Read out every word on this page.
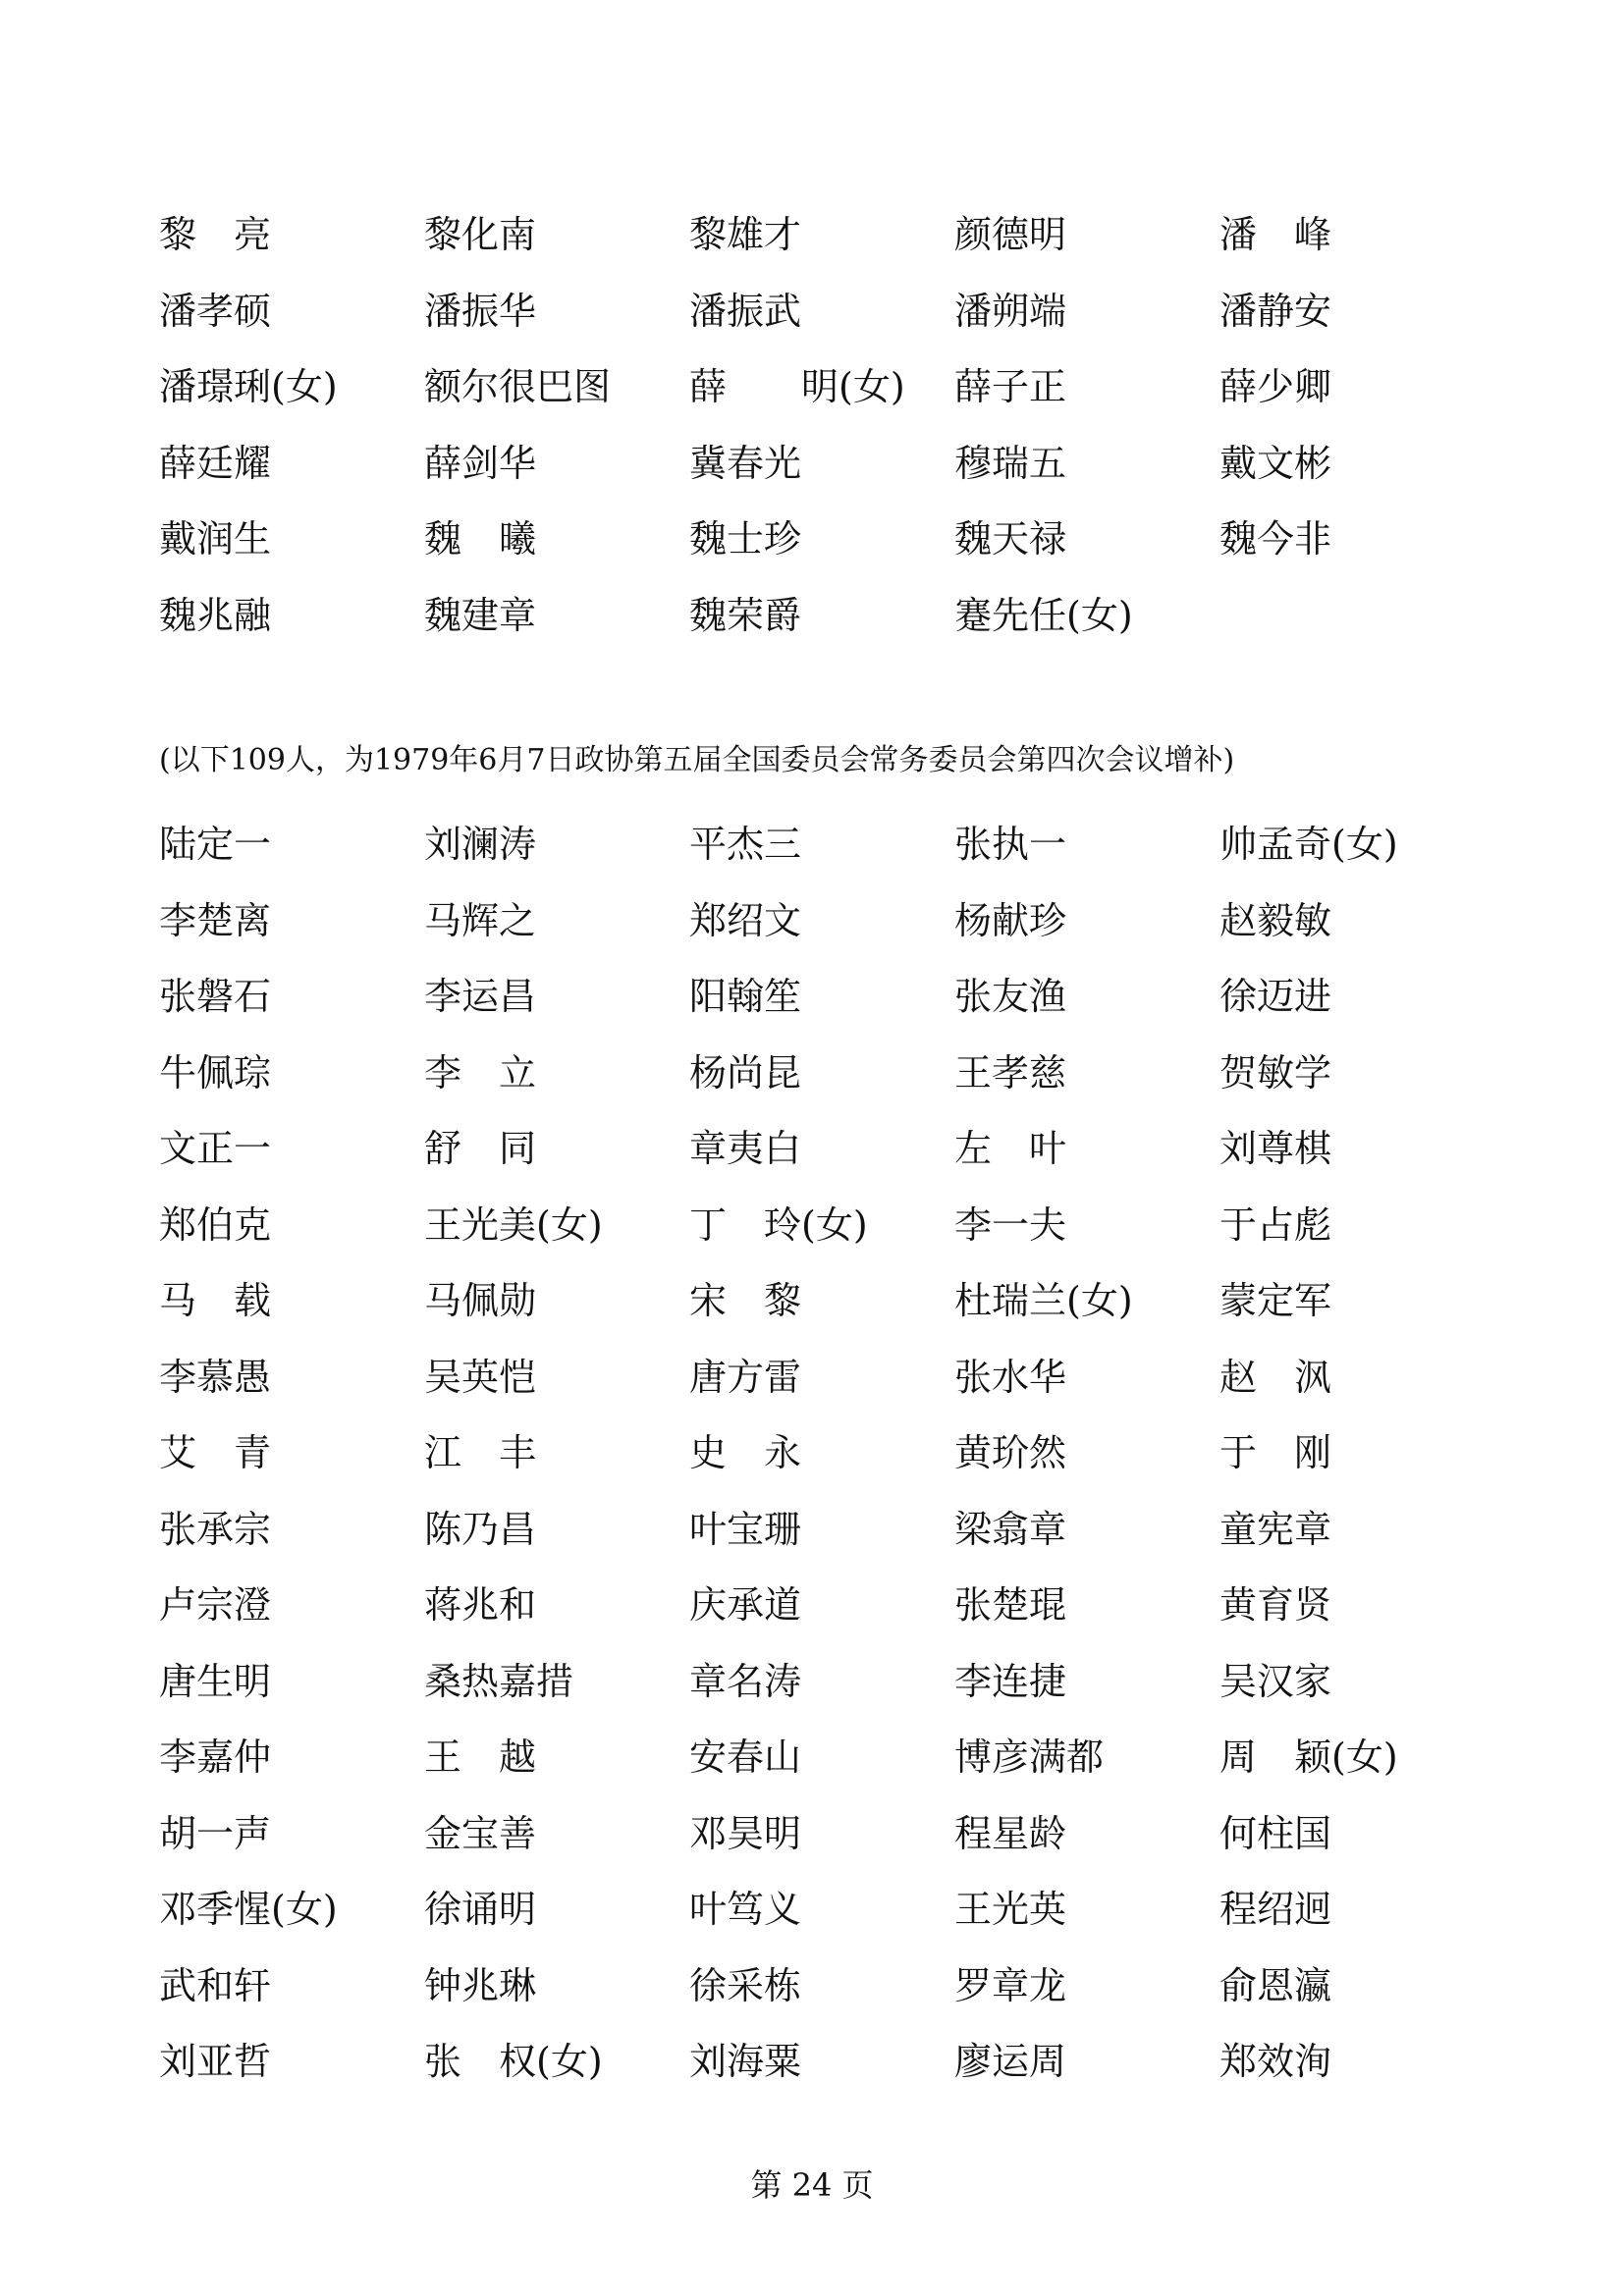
黎　亮	黎化南	黎雄才	颜德明	潘　峰
潘孝硕	潘振华	潘振武	潘朔端	潘静安
潘璟琍(女) 额尔很巴图 薛　　明(女) 薛子正	薛少卿
薛廷耀	薛剑华	冀春光	穆瑞五	戴文彬
戴润生	魏　曦	魏士珍	魏天禄	魏今非
魏兆融	魏建章	魏荣爵	蹇先任(女)
(以下109人，为1979年6月7日政协第五届全国委员会常务委员会第四次会议增补)
陆定一	刘澜涛	平杰三	张执一	帅孟奇(女)
李楚离	马辉之	郑绍文	杨献珍	赵毅敏
张磐石	李运昌	阳翰笙	张友渔	徐迈进
牛佩琮	李　立	杨尚昆	王孝慈	贺敏学
文正一	舒　同	章夷白	左　叶	刘尊棋
郑伯克	王光美(女) 丁　玲(女) 李一夫	于占彪
马　载	马佩勋	宋　黎	杜瑞兰(女) 蒙定军
李慕愚	吴英恺	唐方雷	张水华	赵　沨
艾　青	江　丰	史　永	黄玠然	于　刚
张承宗	陈乃昌	叶宝珊	梁翕章	童宪章
卢宗澄	蒋兆和	庆承道	张楚琨	黄育贤
唐生明	桑热嘉措	章名涛	李连捷	吴汉家
李嘉仲	王　越	安春山	博彦满都	周　颖(女)
胡一声	金宝善	邓昊明	程星龄	何柱国
邓季惺(女) 徐诵明	叶笃义	王光英	程绍迥
武和轩	钟兆琳	徐采栋	罗章龙	俞恩瀛
刘亚哲	张　权(女) 刘海粟	廖运周	郑效洵
第 24 页
